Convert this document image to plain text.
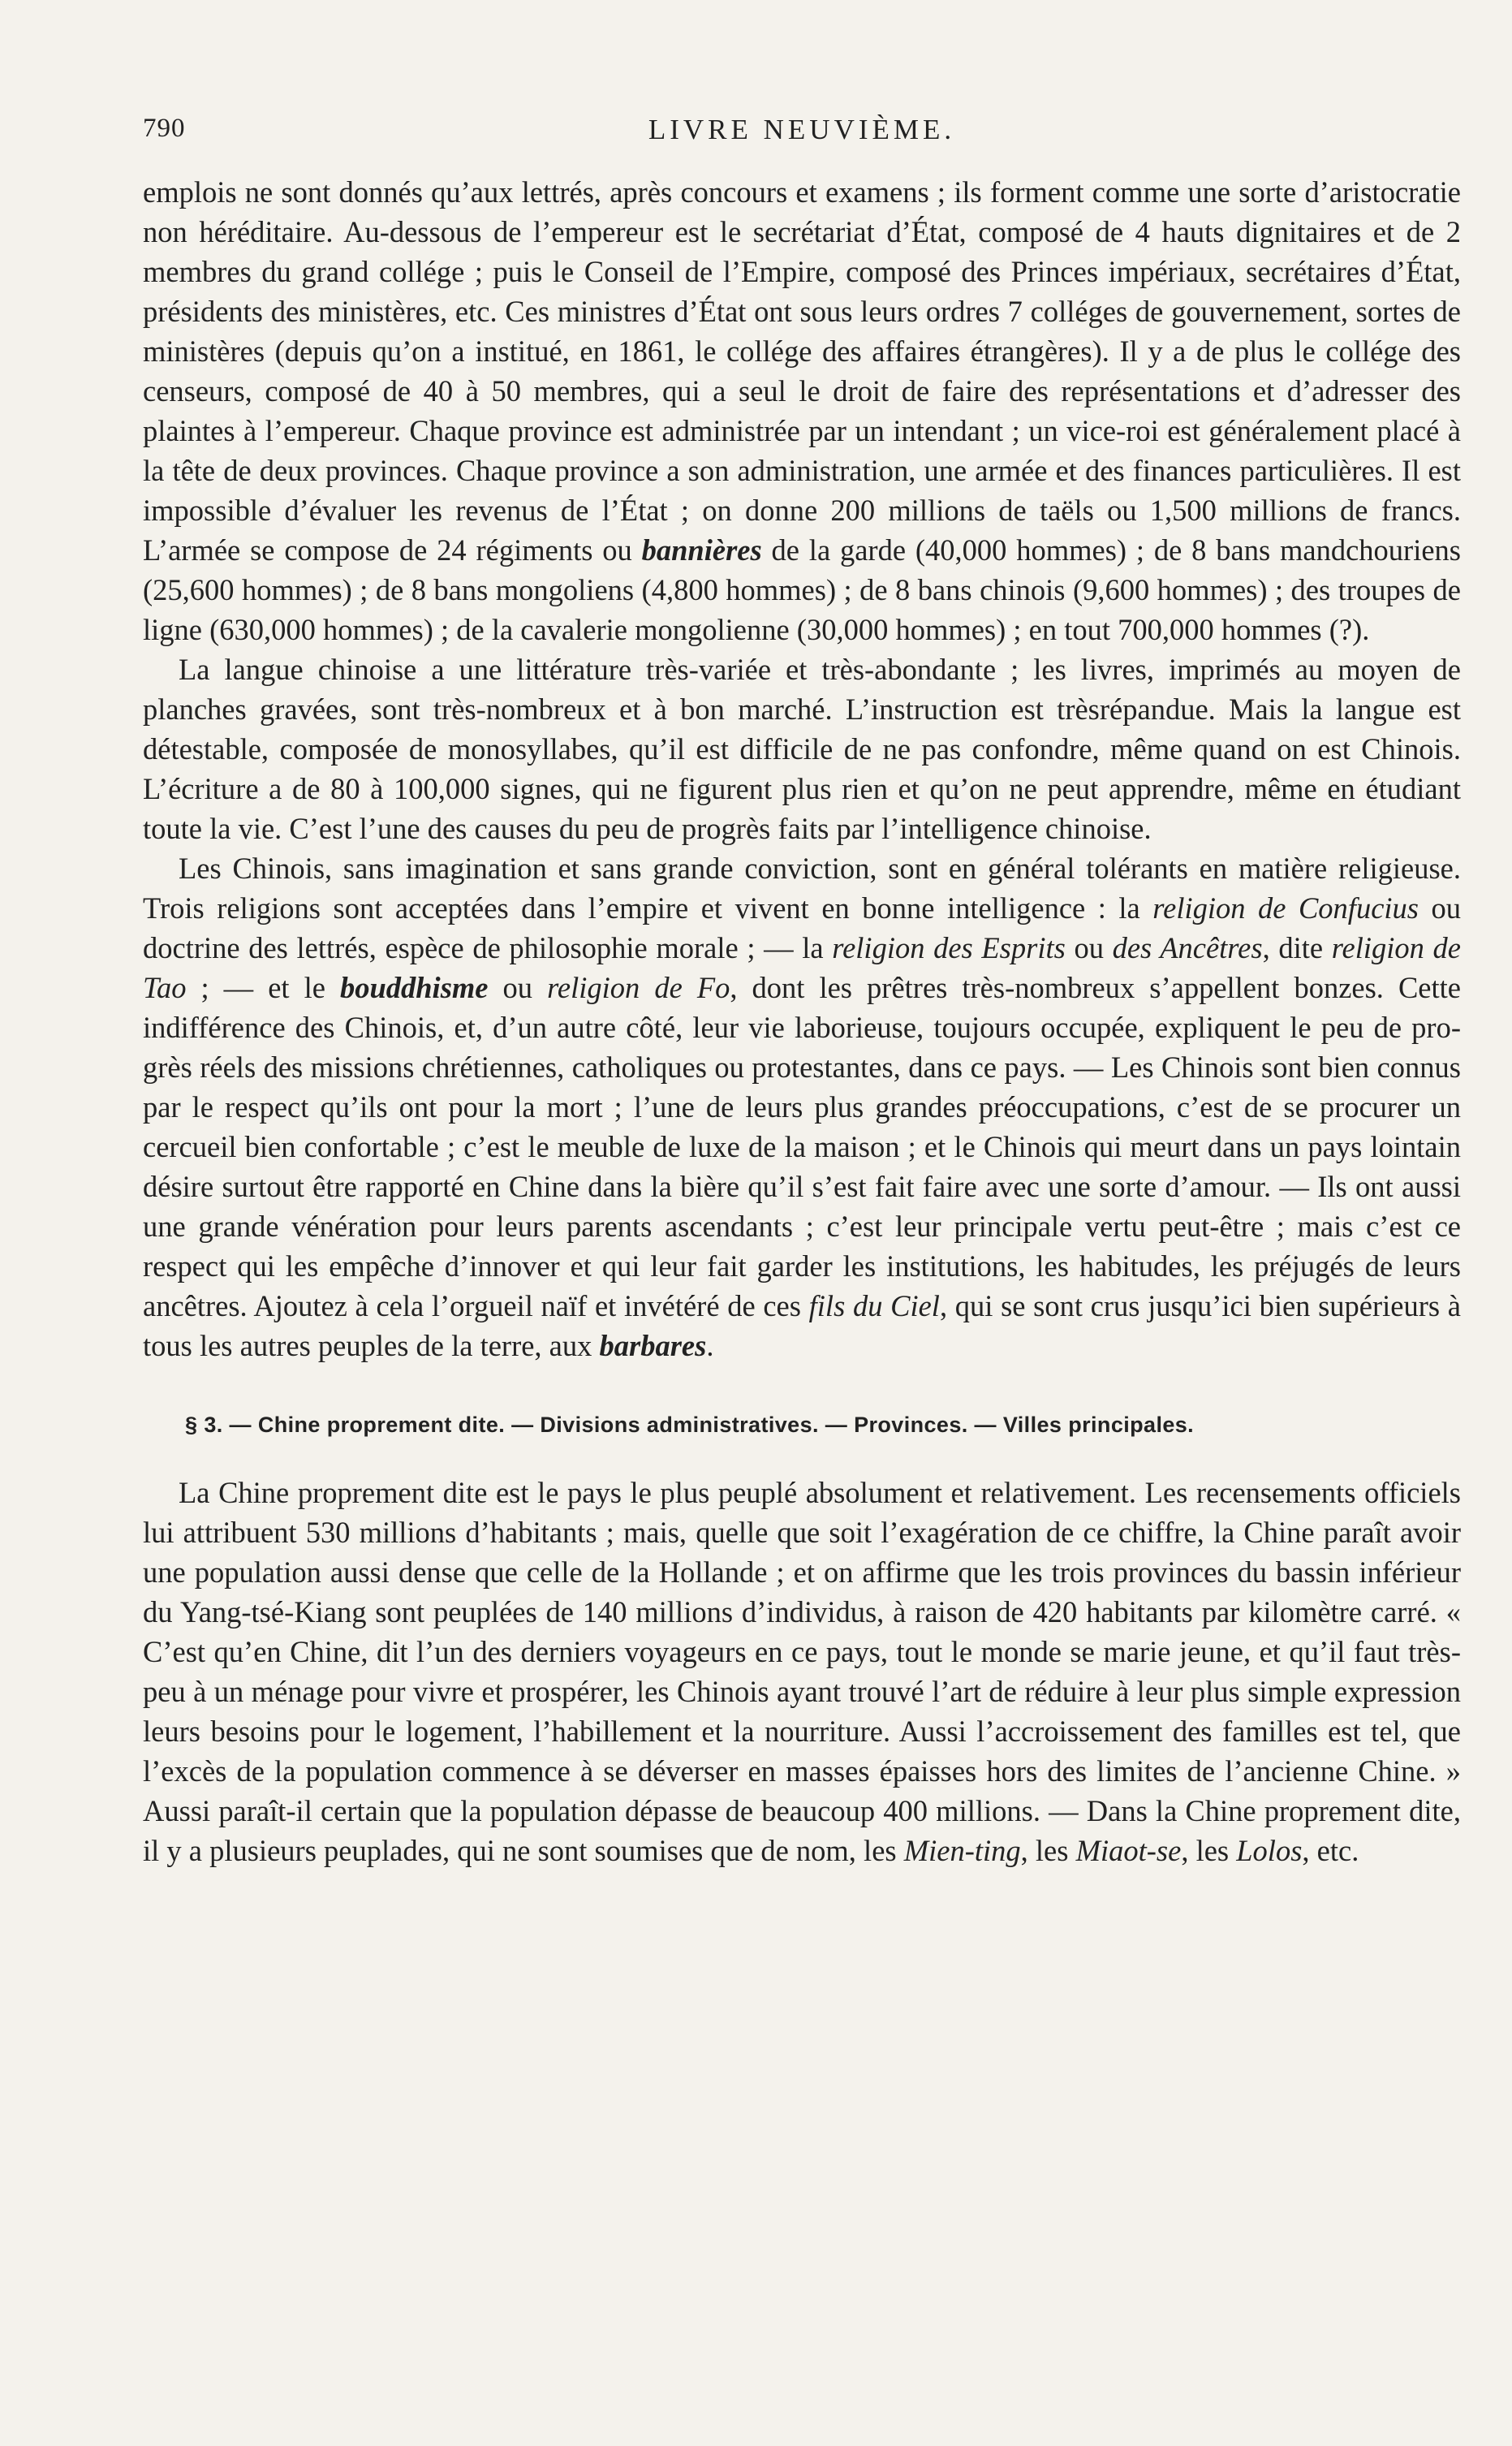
790	LIVRE NEUVIÈME.

emplois ne sont donnés qu’aux lettrés, après concours et examens ; ils forment comme une sorte d’aristocratie non héréditaire. Au-dessous de l’empereur est le secrétariat d’État, composé de 4 hauts dignitaires et de 2 membres du grand collége ; puis le Conseil de l’Empire, composé des Princes impériaux, secrétaires d’État, présidents des ministères, etc. Ces ministres d’État ont sous leurs ordres 7 colléges de gouvernement, sortes de ministères (depuis qu’on a institué, en 1861, le collége des affaires étrangères). Il y a de plus le collége des censeurs, composé de 40 à 50 membres, qui a seul le droit de faire des représentations et d’adresser des plaintes à l’empereur. Chaque province est administrée par un intendant ; un vice-roi est généralement placé à la tête de deux provinces. Chaque province a son administration, une armée et des finances particulières. Il est impossible d’évaluer les revenus de l’État ; on donne 200 millions de taëls ou 1,500 millions de francs. L’armée se compose de 24 régiments ou bannières de la garde (40,000 hommes) ; de 8 bans mandchouriens (25,600 hommes) ; de 8 bans mongoliens (4,800 hommes) ; de 8 bans chinois (9,600 hommes) ; des troupes de ligne (630,000 hommes) ; de la cavalerie mongolienne (30,000 hommes) ; en tout 700,000 hommes (?).

La langue chinoise a une littérature très-variée et très-abondante ; les livres, imprimés au moyen de planches gravées, sont très-nombreux et à bon marché. L’instruction est trèsrépandue. Mais la langue est détestable, composée de monosyllabes, qu’il est difficile de ne pas confondre, même quand on est Chinois. L’écriture a de 80 à 100,000 signes, qui ne figurent plus rien et qu’on ne peut apprendre, même en étudiant toute la vie. C’est l’une des causes du peu de progrès faits par l’intelligence chinoise.

Les Chinois, sans imagination et sans grande conviction, sont en général tolérants en matière religieuse. Trois religions sont acceptées dans l’empire et vivent en bonne intelligence : la religion de Confucius ou doctrine des lettrés, espèce de philosophie morale ; — la religion des Esprits ou des Ancêtres, dite religion de Tao ; — et le bouddhisme ou religion de Fo, dont les prêtres très-nombreux s’appellent bonzes. Cette indifférence des Chinois, et, d’un autre côté, leur vie laborieuse, toujours occupée, expliquent le peu de progrès réels des missions chrétiennes, catholiques ou protestantes, dans ce pays. — Les Chinois sont bien connus par le respect qu’ils ont pour la mort ; l’une de leurs plus grandes préoccupations, c’est de se procurer un cercueil bien confortable ; c’est le meuble de luxe de la maison ; et le Chinois qui meurt dans un pays lointain désire surtout être rapporté en Chine dans la bière qu’il s’est fait faire avec une sorte d’amour. — Ils ont aussi une grande vénération pour leurs parents ascendants ; c’est leur principale vertu peut-être ; mais c’est ce respect qui les empêche d’innover et qui leur fait garder les institutions, les habitudes, les préjugés de leurs ancêtres. Ajoutez à cela l’orgueil naïf et invétéré de ces fils du Ciel, qui se sont crus jusqu’ici bien supérieurs à tous les autres peuples de la terre, aux barbares.

§ 3. — Chine proprement dite. — Divisions administratives. — Provinces. — Villes principales.

La Chine proprement dite est le pays le plus peuplé absolument et relativement. Les recensements officiels lui attribuent 530 millions d’habitants ; mais, quelle que soit l’exagération de ce chiffre, la Chine paraît avoir une population aussi dense que celle de la Hollande ; et on affirme que les trois provinces du bassin inférieur du Yang-tsé-Kiang sont peuplées de 140 millions d’individus, à raison de 420 habitants par kilomètre carré. « C’est qu’en Chine, dit l’un des derniers voyageurs en ce pays, tout le monde se marie jeune, et qu’il faut trèspeu à un ménage pour vivre et prospérer, les Chinois ayant trouvé l’art de réduire à leur plus simple expression leurs besoins pour le logement, l’habillement et la nourriture. Aussi l’accroissement des familles est tel, que l’excès de la population commence à se déverser en masses épaisses hors des limites de l’ancienne Chine. » Aussi paraît-il certain que la population dépasse de beaucoup 400 millions. — Dans la Chine proprement dite, il y a plusieurs peuplades, qui ne sont soumises que de nom, les Mien-ting, les Miaot-se, les Lolos, etc.
